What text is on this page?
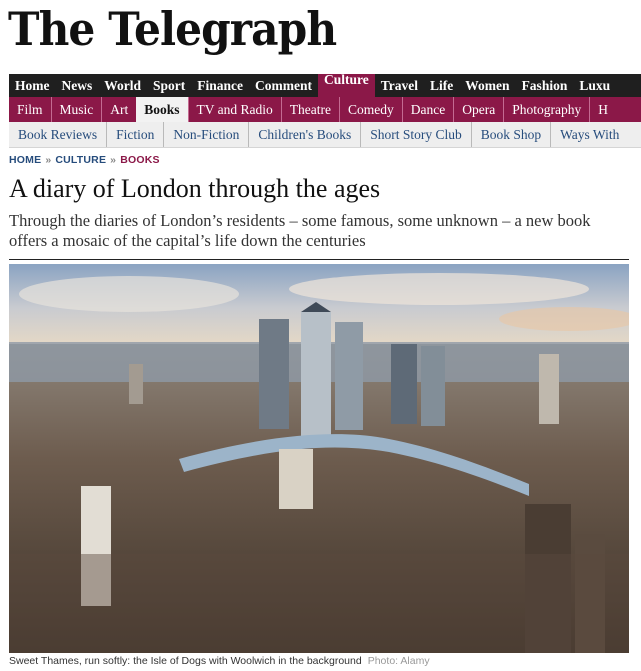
The Telegraph
Home News World Sport Finance Comment Culture Travel Life Women Fashion Luxu
Film	Music	Art	Books	TV and Radio	Theatre	Comedy	Dance	Opera	Photography	H
Book Reviews	Fiction	Non-Fiction	Children's Books	Short Story Club	Book Shop	Ways With
HOME » CULTURE » BOOKS
A diary of London through the ages

Through the diaries of London’s residents – some famous, some unknown – a new book offers a mosaic of the capital’s life down the centuries

Sweet Thames, run softly: the Isle of Dogs with Woolwich in the background Photo: Alamy
